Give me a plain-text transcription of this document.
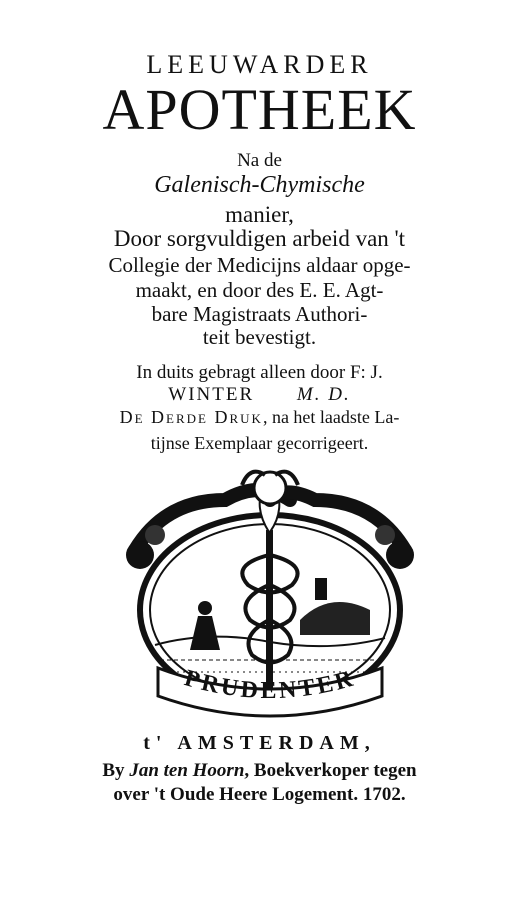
LEEUWARDER
APOTHEEK
Na de
Galenisch-Chymische
manier,
Door sorgvuldigen arbeid van 't
Collegie der Medicijns aldaar opge-
maakt, en door des E. E. Agt-
bare Magistraats Authori-
teit bevestigt.
In duits gebragt alleen door F: J.
WINTER M. D.
De Derde Druk, na het laadste La-
tijnse Exemplaar gecorrigeert.
PRUDENTER
t' AMSTERDAM,
By Jan ten Hoorn, Boekverkoper tegen
over 't Oude Heere Logement. 1702.
